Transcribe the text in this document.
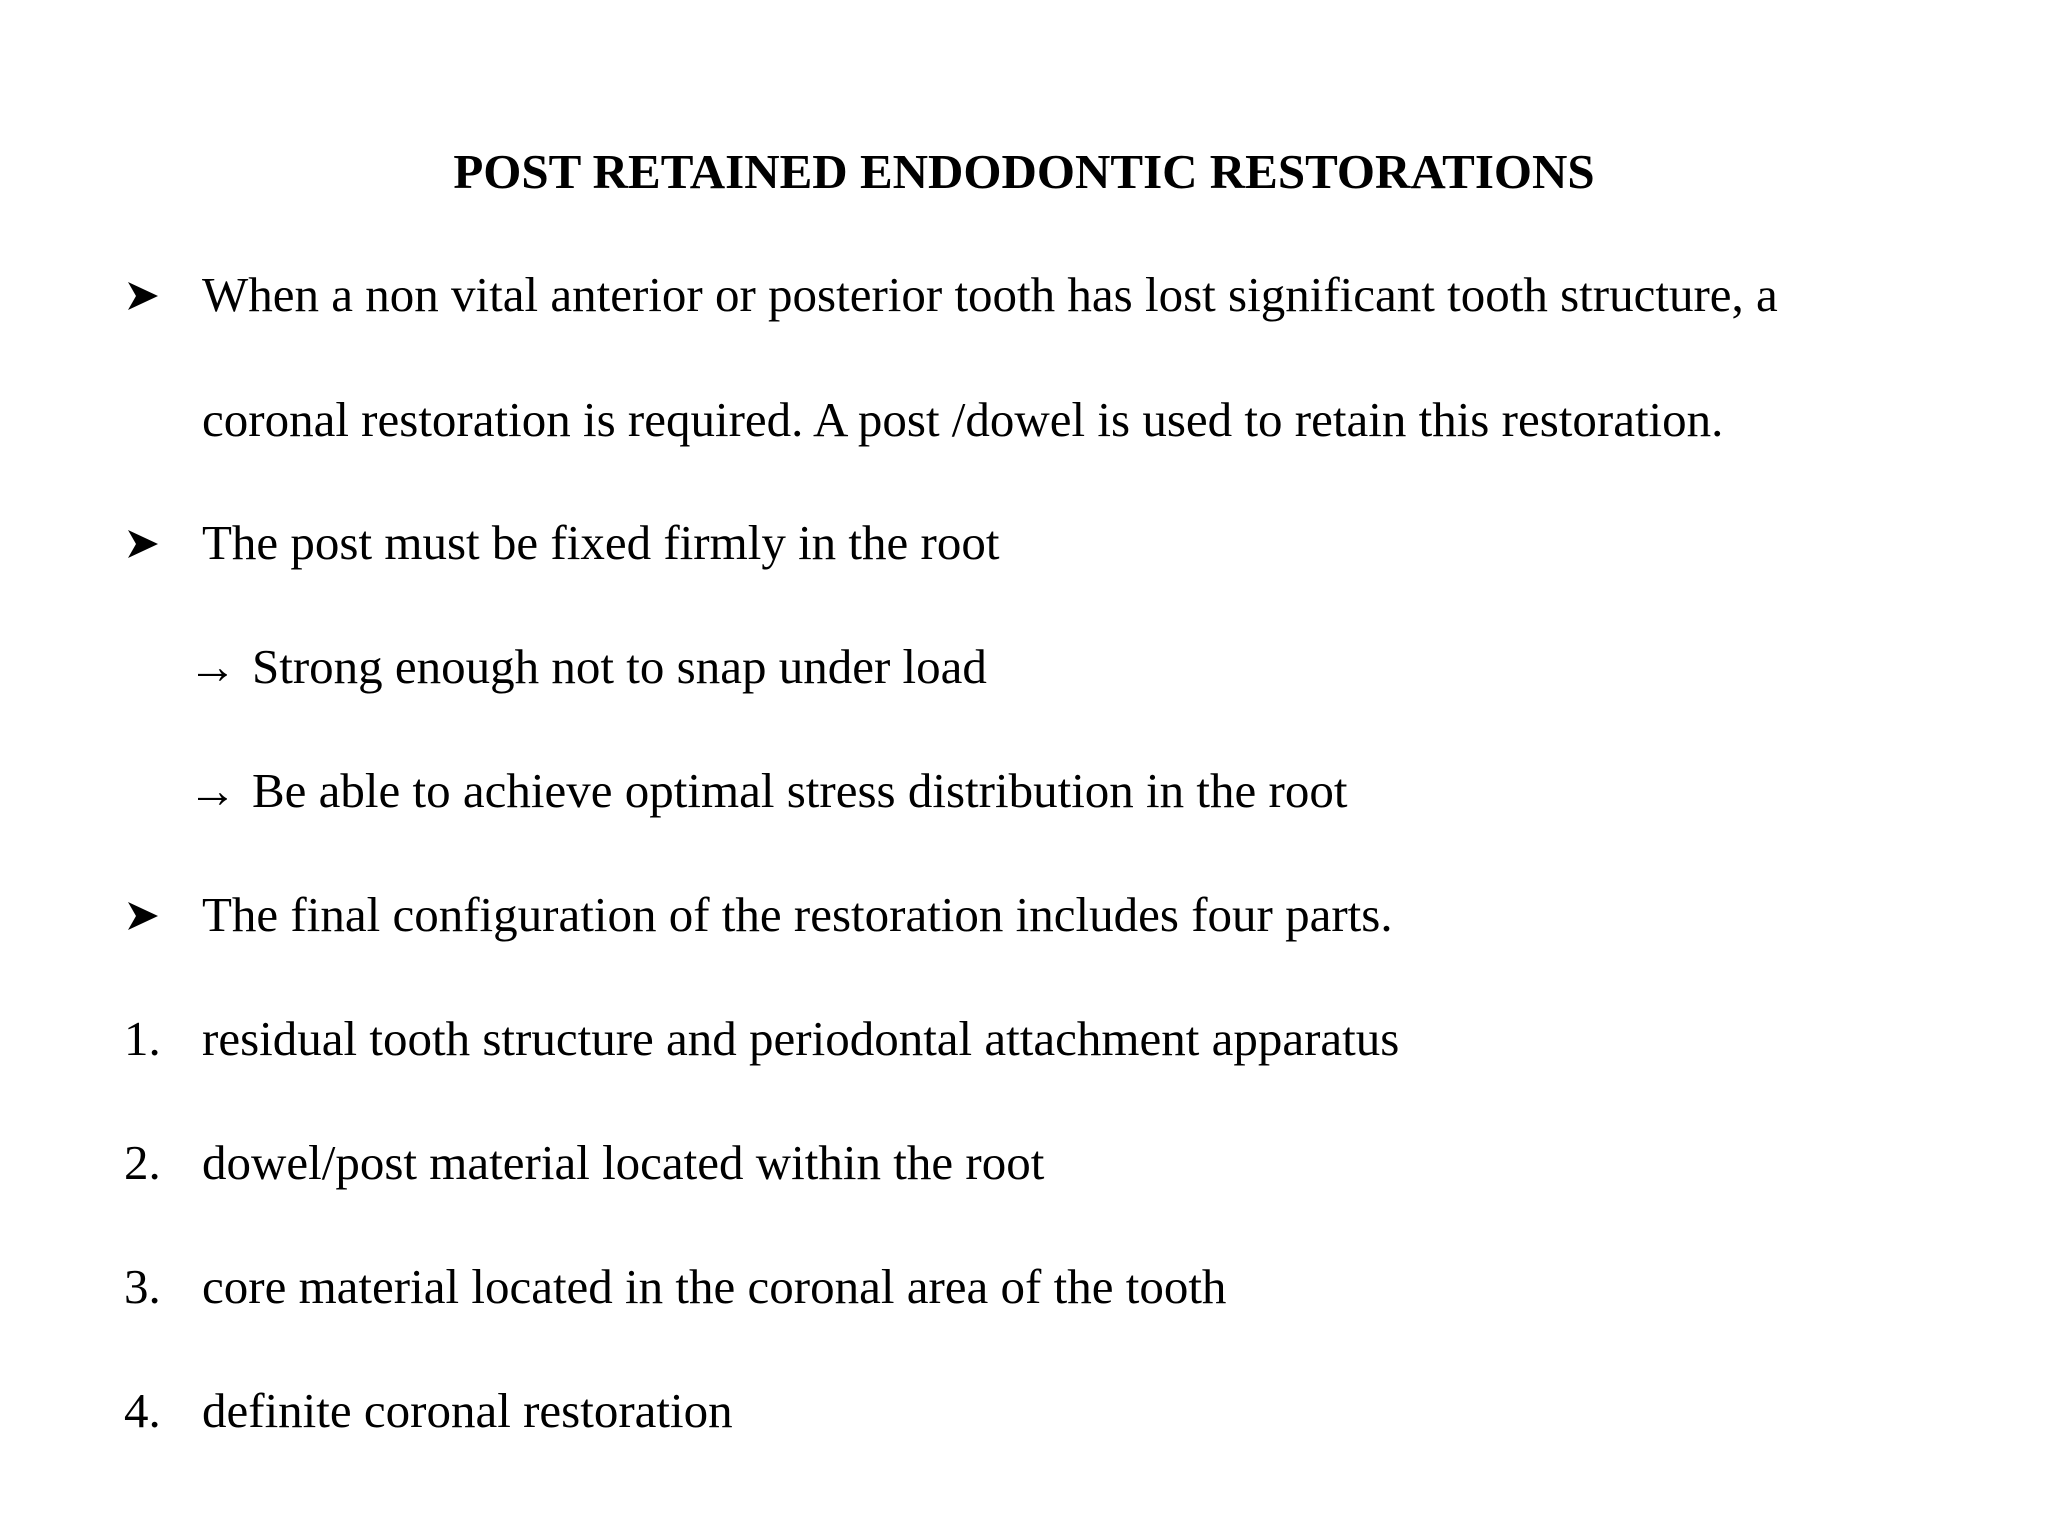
POST RETAINED ENDODONTIC RESTORATIONS
When a non vital anterior or posterior tooth has lost significant tooth structure, a
coronal restoration is required. A post /dowel is used to retain this restoration.
The post must be fixed firmly in the root
→ Strong enough not to snap under load
→ Be able to achieve optimal stress distribution in the root
The final configuration of the restoration includes four parts.
1. residual tooth structure and periodontal attachment apparatus
2. dowel/post material located within the root
3. core material located in the coronal area of the tooth
4. definite coronal restoration
